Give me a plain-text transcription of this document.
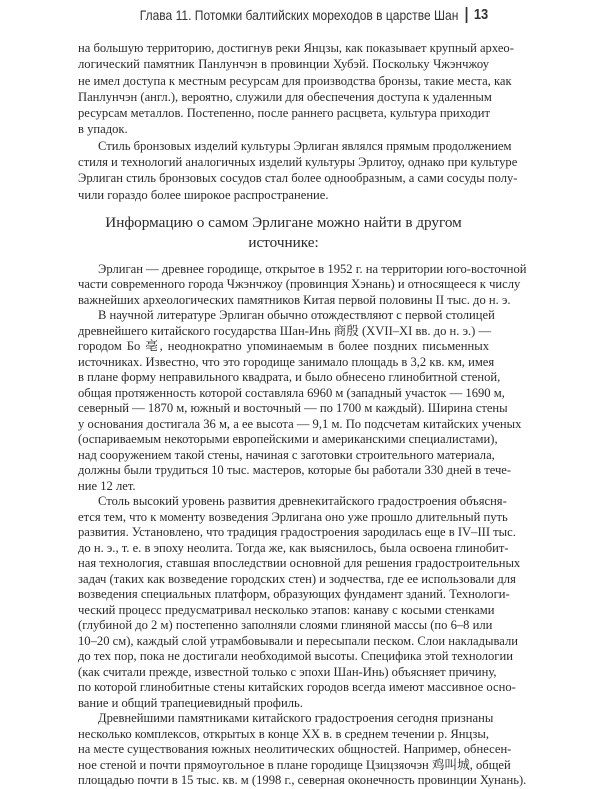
Глава 11. Потомки балтийских мореходов в царстве Шан 13
на большую территорию, достигнув реки Янцзы, как показывает крупный архео-
логический памятник Панлунчэн в провинции Хубэй. Поскольку Чжэнчжоу
не имел доступа к местным ресурсам для производства бронзы, такие места, как
Панлунчэн (англ.), вероятно, служили для обеспечения доступа к удаленным
ресурсам металлов. Постепенно, после раннего расцвета, культура приходит
в упадок.
Стиль бронзовых изделий культуры Эрлиган являлся прямым продолжением
стиля и технологий аналогичных изделий культуры Эрлитоу, однако при культуре
Эрлиган стиль бронзовых сосудов стал более однообразным, а сами сосуды полу-
чили гораздо более широкое распространение.
Информацию о самом Эрлигане можно найти в другом источнике:
Эрлиган — древнее городище, открытое в 1952 г. на территории юго-восточной
части современного города Чжэнчжоу (провинция Хэнань) и относящееся к числу
важнейших археологических памятников Китая первой половины II тыс. до н. э.
В научной литературе Эрлиган обычно отождествляют с первой столицей
древнейшего китайского государства Шан-Инь 商殷 (XVII–XI вв. до н. э.) —
городом Бо 亳, неоднократно упоминаемым в более поздних письменных
источниках. Известно, что это городище занимало площадь в 3,2 кв. км, имея
в плане форму неправильного квадрата, и было обнесено глинобитной стеной,
общая протяженность которой составляла 6960 м (западный участок — 1690 м,
северный — 1870 м, южный и восточный — по 1700 м каждый). Ширина стены
у основания достигала 36 м, а ее высота — 9,1 м. По подсчетам китайских ученых
(оспариваемым некоторыми европейскими и американскими специалистами),
над сооружением такой стены, начиная с заготовки строительного материала,
должны были трудиться 10 тыс. мастеров, которые бы работали 330 дней в тече-
ние 12 лет.
Столь высокий уровень развития древнекитайского градостроения объясня-
ется тем, что к моменту возведения Эрлигана оно уже прошло длительный путь
развития. Установлено, что традиция градостроения зародилась еще в IV–III тыс.
до н. э., т. е. в эпоху неолита. Тогда же, как выяснилось, была освоена глинобит-
ная технология, ставшая впоследствии основной для решения градостроительных
задач (таких как возведение городских стен) и зодчества, где ее использовали для
возведения специальных платформ, образующих фундамент зданий. Технологи-
ческий процесс предусматривал несколько этапов: канаву с косыми стенками
(глубиной до 2 м) постепенно заполняли слоями глиняной массы (по 6–8 или
10–20 см), каждый слой утрамбовывали и пересыпали песком. Слои накладывали
до тех пор, пока не достигали необходимой высоты. Специфика этой технологии
(как считали прежде, известной только с эпохи Шан-Инь) объясняет причину,
по которой глинобитные стены китайских городов всегда имеют массивное осно-
вание и общий трапециевидный профиль.
Древнейшими памятниками китайского градостроения сегодня признаны
несколько комплексов, открытых в конце XX в. в среднем течении р. Янцзы,
на месте существования южных неолитических общностей. Например, обнесен-
ное стеной и почти прямоугольное в плане городище Цзицзяочэн 鸡叫城, общей
площадью почти в 15 тыс. кв. м (1998 г., северная оконечность провинции Хунань).
